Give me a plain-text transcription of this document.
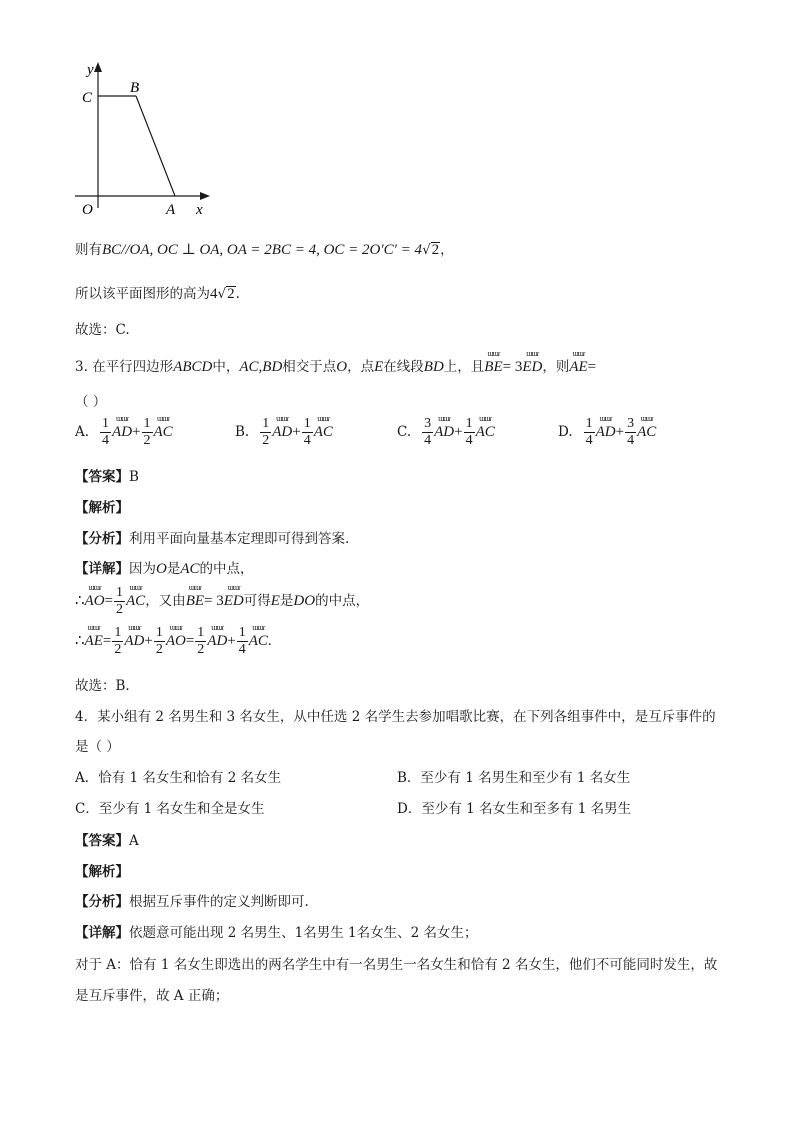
y
C
B
O	A x
则有BC//OA, OC ⊥ OA, OA = 2BC = 4, OC = 2O′C′ = 4√2，
所以该平面图形的高为4√2.
故选：C.
3. 在平行四边形ABCD中，AC,BD相交于点O，点E在线段BD上，且ɯɯɾ BE= 3ɯɯɾ ED，则ɯɯɾ AE=
（ ）
A. $\frac{1}{4}$ ɯɯɾ $AD+ \frac{1}{2}$ ɯɯɾ AC	B. $\frac{1}{2}$ ɯɯɾ $AD+ \frac{1}{4}$ ɯɯɾ AC	C. $\frac{3}{4}$ ɯɯɾ $AD+ \frac{1}{4}$ ɯɯɾ AC	D. $\frac{1}{4}$ ɯɯɾ $AD+ \frac{3}{4}$ ɯɯɾ AC
【答案】B
【解析】
【分析】利用平面向量基本定理即可得到答案.
【详解】因为O是AC的中点，
∴ɯɯɾ $AO= \frac{1}{2}$ ɯɯɾ AC，又由ɯɯɾ BE= 3ɯɯɾ ED可得E是DO的中点，
∴ɯɯɾ $AE= \frac{1}{2}$ ɯɯɾ $AD+ \frac{1}{2}$ ɯɯɾ $AO= \frac{1}{2}$ ɯɯɾ $AD+ \frac{1}{4}$ ɯɯɾ AC.
故选：B.
4．某小组有 2 名男生和 3 名女生，从中任选 2 名学生去参加唱歌比赛，在下列各组事件中，是互斥事件的
是（ ）
A．恰有 1 名女生和恰有 2 名女生	B．至少有 1 名男生和至少有 1 名女生
C．至少有 1 名女生和全是女生	D．至少有 1 名女生和至多有 1 名男生
【答案】A
【解析】
【分析】根据互斥事件的定义判断即可.
【详解】依题意可能出现 2 名男生、1名男生 1名女生、2 名女生；
对于 A：恰有 1 名女生即选出的两名学生中有一名男生一名女生和恰有 2 名女生，他们不可能同时发生，故
是互斥事件，故 A 正确；
